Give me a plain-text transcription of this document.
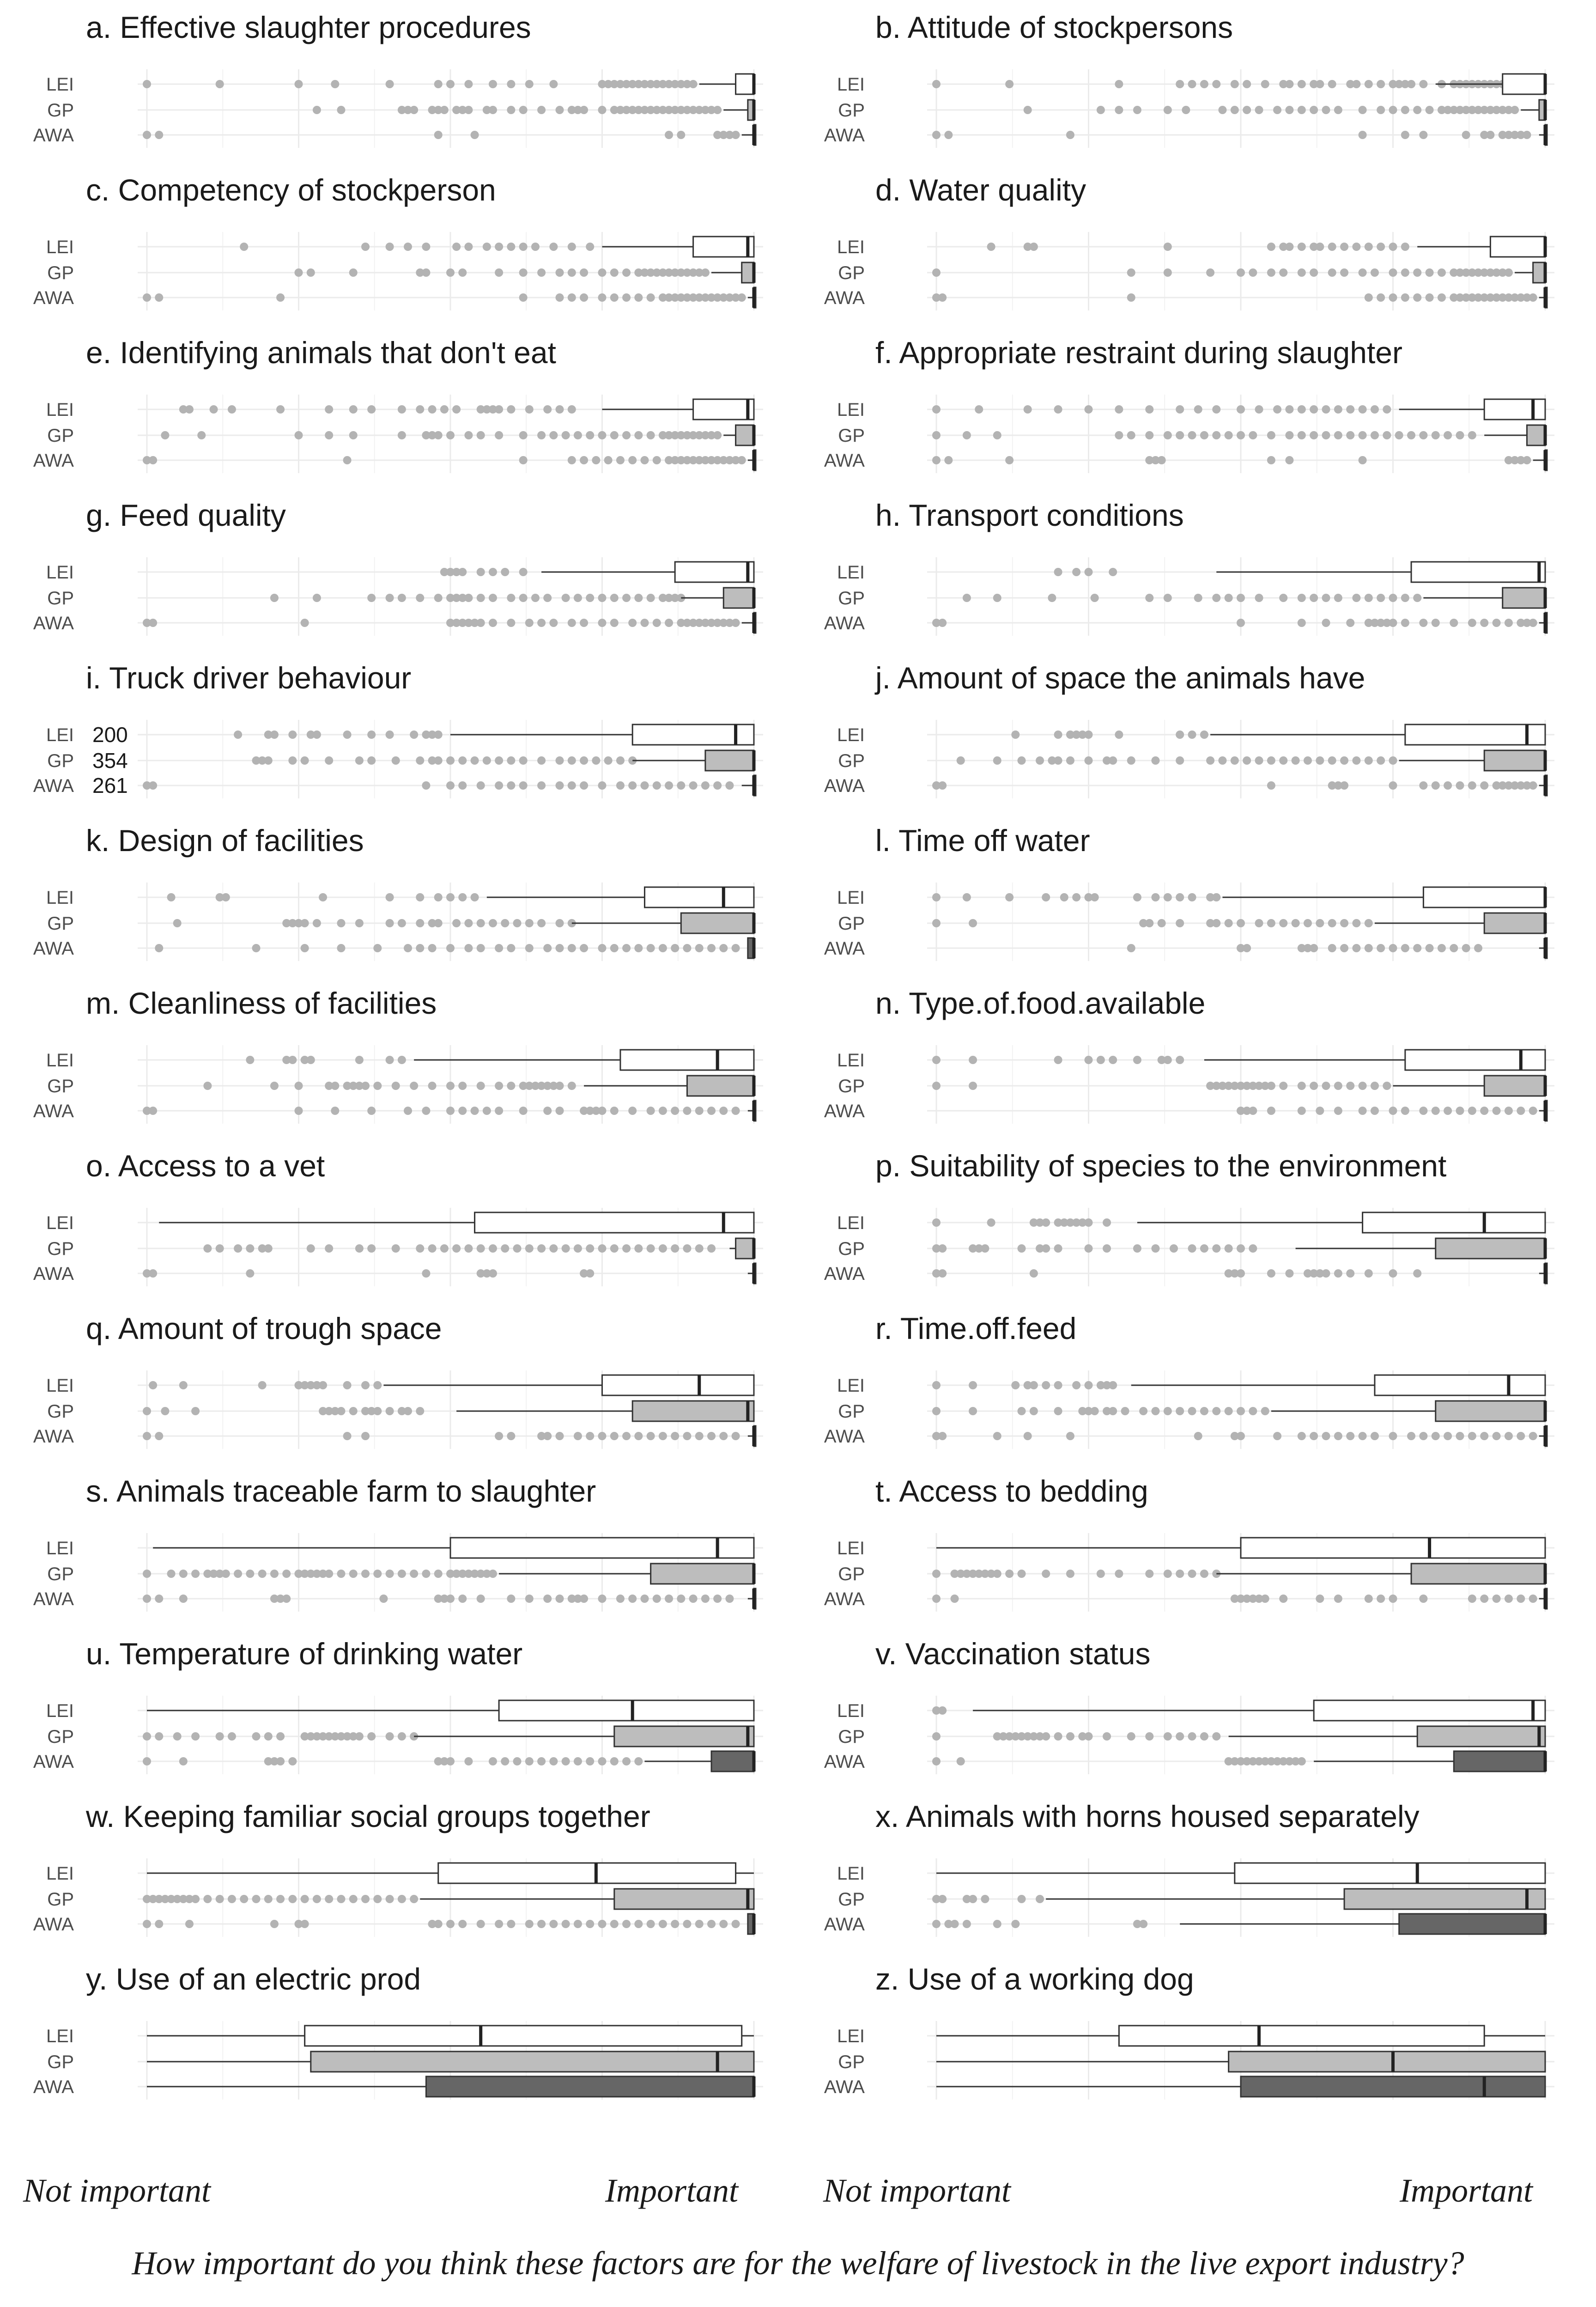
a. Effective slaughter procedures
LEI
GP
AWA
b. Attitude of stockpersons
LEI
GP
AWA
c. Competency of stockperson
LEI
GP
AWA
d. Water quality
LEI
GP
AWA
e. Identifying animals that don't eat
LEI
GP
AWA
f. Appropriate restraint during slaughter
LEI
GP
AWA
g. Feed quality
LEI
GP
AWA
h. Transport conditions
LEI
GP
AWA
i. Truck driver behaviour
LEI 200
GP 354
AWA 261
j. Amount of space the animals have
LEI
GP
AWA
k. Design of facilities
LEI
GP
AWA
l. Time off water
LEI
GP
AWA
m. Cleanliness of facilities
LEI
GP
AWA
n. Type.of.food.available
LEI
GP
AWA
o. Access to a vet
LEI
GP
AWA
p. Suitability of species to the environment
LEI
GP
AWA
q. Amount of trough space
LEI
GP
AWA
r. Time.off.feed
LEI
GP
AWA
s. Animals traceable farm to slaughter
LEI
GP
AWA
t. Access to bedding
LEI
GP
AWA
u. Temperature of drinking water
LEI
GP
AWA
v. Vaccination status
LEI
GP
AWA
w. Keeping familiar social groups together
LEI
GP
AWA
x. Animals with horns housed separately
LEI
GP
AWA
y. Use of an electric prod
LEI
GP
AWA
z. Use of a working dog
LEI
GP
AWA
Not important	Important	Not important	Important
How important do you think these factors are for the welfare of livestock in the live export industry?
